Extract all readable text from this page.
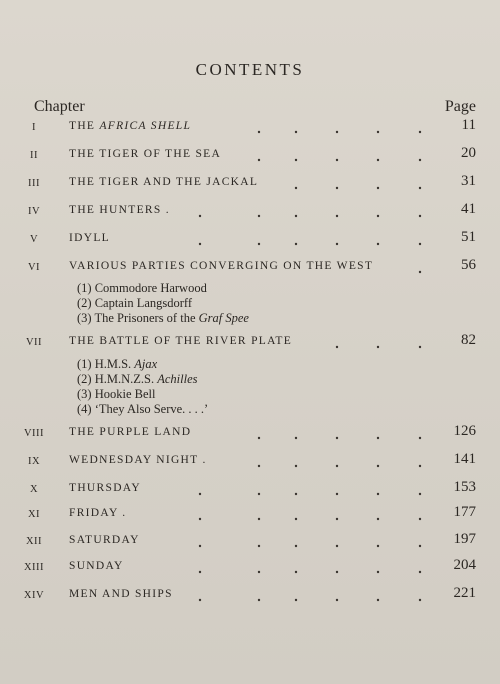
CONTENTS
Chapter	Page
I	THE AFRICA SHELL	11
II	THE TIGER OF THE SEA	20
III	THE TIGER AND THE JACKAL	31
IV	THE HUNTERS .	41
V	IDYLL	51
VI	VARIOUS PARTIES CONVERGING ON THE WEST	56
(1) Commodore Harwood
(2) Captain Langsdorff
(3) The Prisoners of the Graf Spee
VII	THE BATTLE OF THE RIVER PLATE	82
(1) H.M.S. Ajax
(2) H.M.N.Z.S. Achilles
(3) Hookie Bell
(4) ‘They Also Serve. . . .’
VIII	THE PURPLE LAND	126
IX	WEDNESDAY NIGHT .	141
X	THURSDAY	153
XI	FRIDAY .	177
XII	SATURDAY	197
XIII	SUNDAY	204
XIV	MEN AND SHIPS	221
